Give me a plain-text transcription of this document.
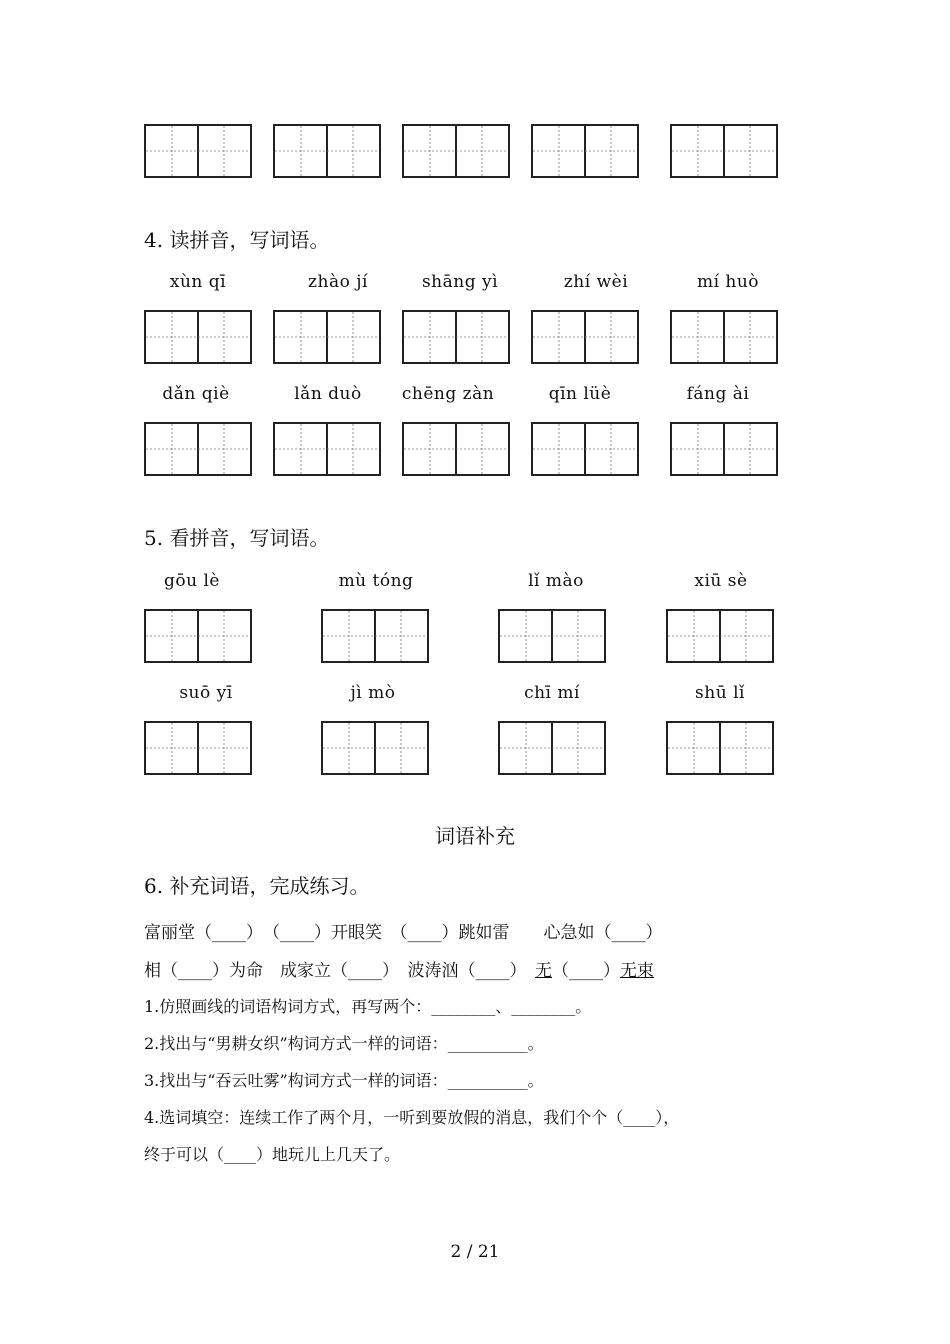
4. 读拼音，写词语。
xùn qī	zhào jí	shāng yì	zhí wèi	mí huò
dǎn qiè	lǎn duò	chēng zàn	qīn lüè	fáng ài
5. 看拼音，写词语。
gōu lè	mù tóng	lǐ mào	xiū sè
suō yī	jì mò	chī mí	shū lǐ
词语补充
6. 补充词语，完成练习。
富丽堂（____）　（____）开眼笑　（____）跳如雷　　心急如（____）
相（____）为命　成家立（____）　波涛汹（____）　无（____）无束
1.仿照画线的词语构词方式，再写两个：________、________。
2.找出与“男耕女织”构词方式一样的词语：__________。
3.找出与“吞云吐雾”构词方式一样的词语：__________。
4.选词填空：连续工作了两个月，一听到要放假的消息，我们个个（____），
终于可以（____）地玩儿上几天了。
2 / 21
